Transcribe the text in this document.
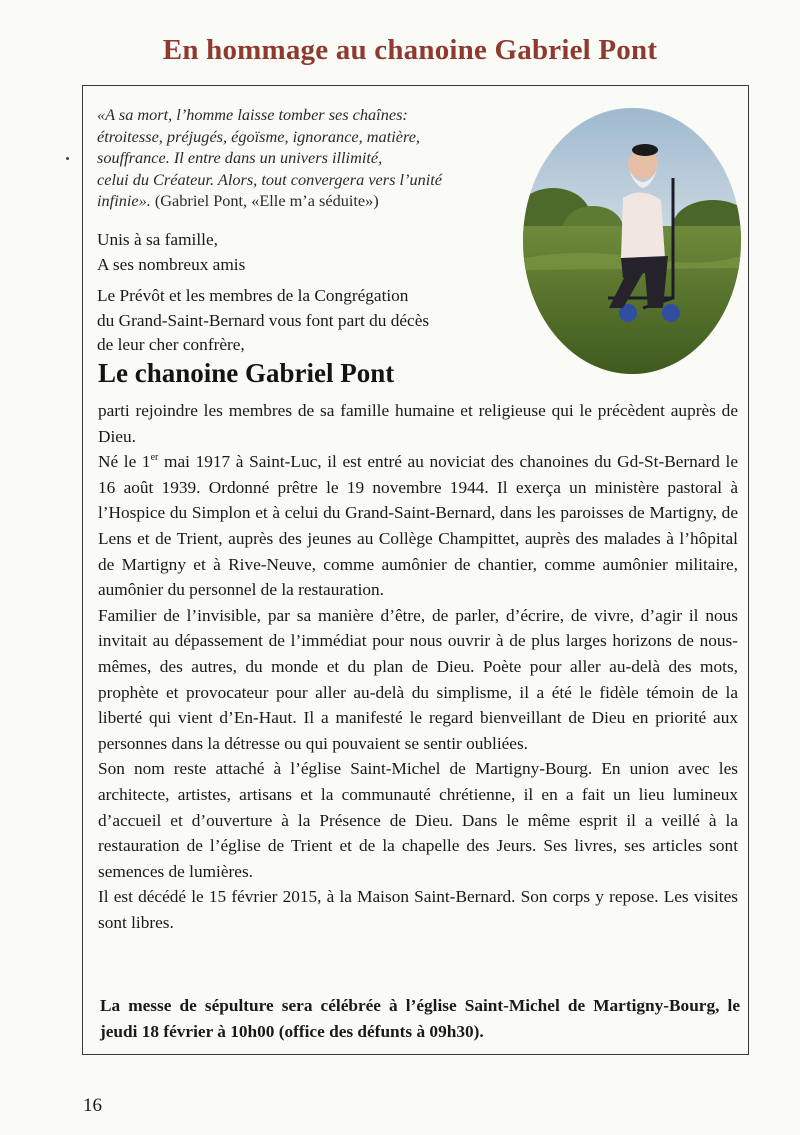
En hommage au chanoine Gabriel Pont
«A sa mort, l’homme laisse tomber ses chaînes:
étroitesse, préjugés, égoïsme, ignorance, matière,
souffrance. Il entre dans un univers illimité,
celui du Créateur. Alors, tout convergera vers l’unité
infinie». (Gabriel Pont, «Elle m’a séduite»)
Unis à sa famille,
A ses nombreux amis
Le Prévôt et les membres de la Congrégation
du Grand-Saint-Bernard vous font part du décès
de leur cher confrère,
Le chanoine Gabriel Pont

parti rejoindre les membres de sa famille humaine et religieuse qui le précèdent auprès de Dieu.

Né le 1er mai 1917 à Saint-Luc, il est entré au noviciat des chanoines du Gd-St-Bernard le 16 août 1939. Ordonné prêtre le 19 novembre 1944. Il exerça un ministère pastoral à l’Hospice du Simplon et à celui du Grand-Saint-Bernard, dans les paroisses de Martigny, de Lens et de Trient, auprès des jeunes au Collège Champittet, auprès des malades à l’hôpital de Martigny et à Rive-Neuve, comme aumônier de chantier, comme aumônier militaire, aumônier du personnel de la restauration.

Familier de l’invisible, par sa manière d’être, de parler, d’écrire, de vivre, d’agir il nous invitait au dépassement de l’immédiat pour nous ouvrir à de plus larges horizons de nous-mêmes, des autres, du monde et du plan de Dieu. Poète pour aller au-delà des mots, prophète et provocateur pour aller au-delà du simplisme, il a été le fidèle témoin de la liberté qui vient d’En-Haut. Il a manifesté le regard bienveillant de Dieu en priorité aux personnes dans la détresse ou qui pouvaient se sentir oubliées.

Son nom reste attaché à l’église Saint-Michel de Martigny-Bourg. En union avec les architecte, artistes, artisans et la communauté chrétienne, il en a fait un lieu lumineux d’accueil et d’ouverture à la Présence de Dieu. Dans le même esprit il a veillé à la restauration de l’église de Trient et de la chapelle des Jeurs. Ses livres, ses articles sont semences de lumières.

Il est décédé le 15 février 2015, à la Maison Saint-Bernard. Son corps y repose. Les visites sont libres.

La messe de sépulture sera célébrée à l’église Saint-Michel de Martigny-Bourg, le jeudi 18 février à 10h00 (office des défunts à 09h30).
16
